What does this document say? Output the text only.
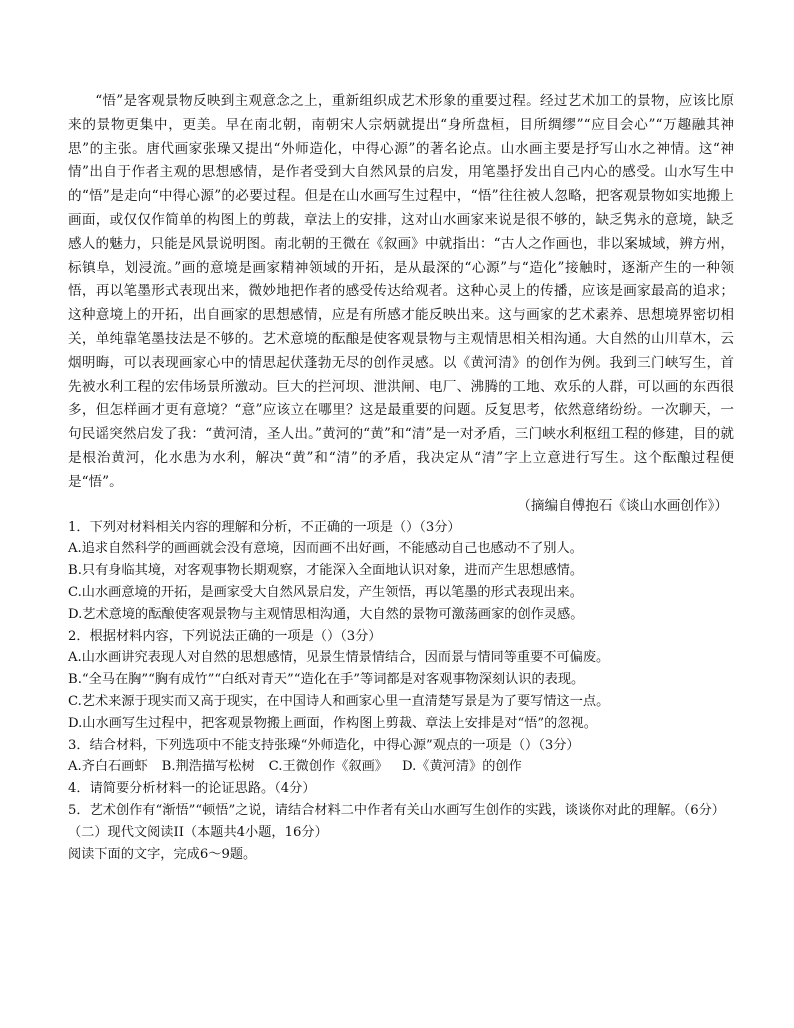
“悟”是客观景物反映到主观意念之上，重新组织成艺术形象的重要过程。经过艺术加工的景物，应该比原来的景物更集中，更美。早在南北朝，南朝宋人宗炳就提出“身所盘桓，目所绸缪”“应目会心”“万趣融其神思”的主张。唐代画家张璪又提出“外师造化，中得心源”的著名论点。山水画主要是抒写山水之神情。这“神情”出自于作者主观的思想感情，是作者受到大自然风景的启发，用笔墨抒发出自己内心的感受。山水写生中的“悟”是走向“中得心源”的必要过程。但是在山水画写生过程中，“悟”往往被人忽略，把客观景物如实地搬上画面，或仅仅作简单的构图上的剪裁，章法上的安排，这对山水画家来说是很不够的，缺乏隽永的意境，缺乏感人的魅力，只能是风景说明图。南北朝的王微在《叙画》中就指出：“古人之作画也，非以案城域，辨方州，标镇阜，划浸流。”画的意境是画家精神领域的开拓，是从最深的“心源”与“造化”接触时，逐渐产生的一种领悟，再以笔墨形式表现出来，微妙地把作者的感受传达给观者。这种心灵上的传播，应该是画家最高的追求；这种意境上的开拓，出自画家的思想感情，应是有所感才能反映出来。这与画家的艺术素养、思想境界密切相关，单纯靠笔墨技法是不够的。艺术意境的酝酿是使客观景物与主观情思相关相沟通。大自然的山川草木，云烟明晦，可以表现画家心中的情思起伏蓬勃无尽的创作灵感。以《黄河清》的创作为例。我到三门峡写生，首先被水利工程的宏伟场景所激动。巨大的拦河坝、泄洪闸、电厂、沸腾的工地、欢乐的人群，可以画的东西很多，但怎样画才更有意境？“意”应该立在哪里？这是最重要的问题。反复思考，依然意绪纷纷。一次聊天，一句民谣突然启发了我：“黄河清，圣人出。”黄河的“黄”和“清”是一对矛盾，三门峡水利枢纽工程的修建，目的就是根治黄河，化水患为水利，解决“黄”和“清”的矛盾，我决定从“清”字上立意进行写生。这个酝酿过程便是“悟”。

（摘编自傅抱石《谈山水画创作》）

1．下列对材料相关内容的理解和分析，不正确的一项是（）（3分）

A.追求自然科学的画画就会没有意境，因而画不出好画，不能感动自己也感动不了别人。

B.只有身临其境，对客观事物长期观察，才能深入全面地认识对象，进而产生思想感情。

C.山水画意境的开拓，是画家受大自然风景启发，产生领悟，再以笔墨的形式表现出来。

D.艺术意境的酝酿使客观景物与主观情思相沟通，大自然的景物可激荡画家的创作灵感。

2．根据材料内容，下列说法正确的一项是（）（3分）

A.山水画讲究表现人对自然的思想感情，见景生情景情结合，因而景与情同等重要不可偏废。

B.“全马在胸”“胸有成竹”“白纸对青天”“造化在手”等词都是对客观事物深刻认识的表现。

C.艺术来源于现实而又高于现实，在中国诗人和画家心里一直清楚写景是为了要写情这一点。

D.山水画写生过程中，把客观景物搬上画面，作构图上剪裁、章法上安排是对“悟”的忽视。

3．结合材料，下列选项中不能支持张璪“外师造化，中得心源”观点的一项是（）（3分）

A.齐白石画虾 B.荆浩描写松树 C.王微创作《叙画》 D.《黄河清》的创作

4．请简要分析材料一的论证思路。（4分）

5．艺术创作有“渐悟”“顿悟”之说，请结合材料二中作者有关山水画写生创作的实践，谈谈你对此的理解。（6分）

（二）现代文阅读II（本题共4小题，16分）

阅读下面的文字，完成6～9题。
